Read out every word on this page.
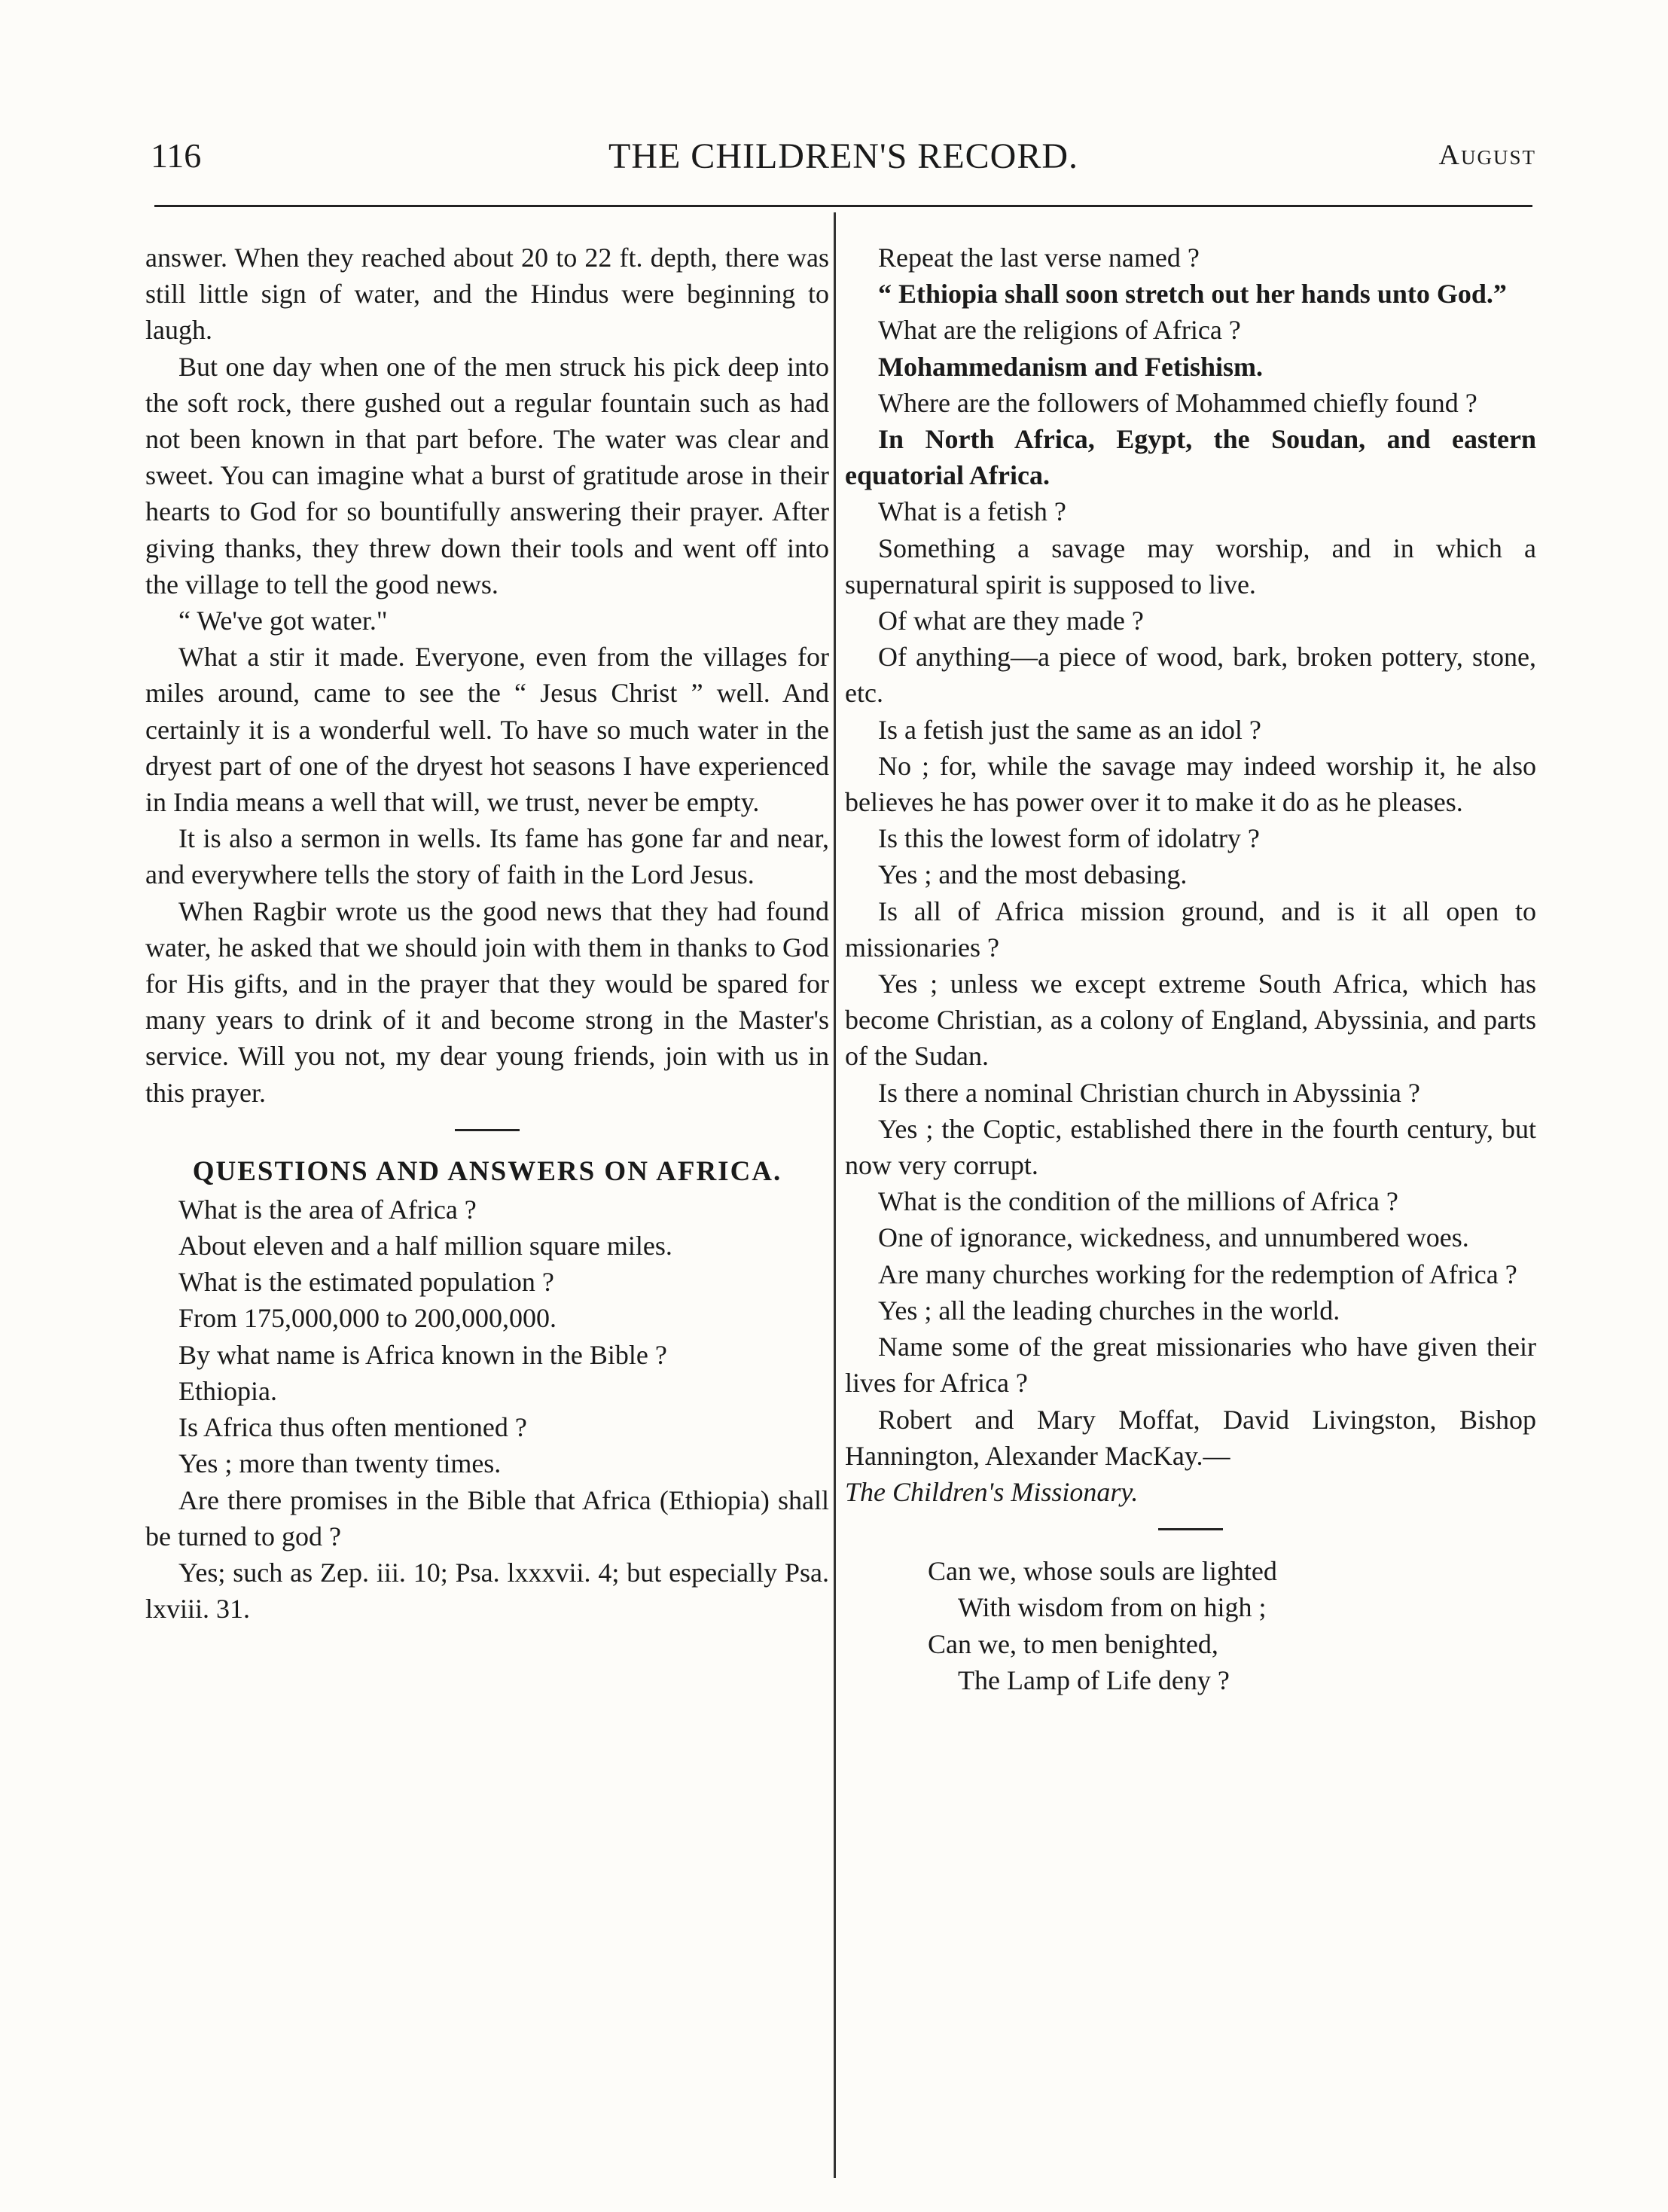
116	THE CHILDREN'S RECORD.	August

answer. When they reached about 20 to 22 ft. depth, there was still little sign of water, and the Hindus were beginning to laugh.

But one day when one of the men struck his pick deep into the soft rock, there gushed out a regular fountain such as had not been known in that part before. The water was clear and sweet. You can imagine what a burst of gratitude arose in their hearts to God for so bountifully answering their prayer. After giving thanks, they threw down their tools and went off into the village to tell the good news.

“ We've got water."

What a stir it made. Everyone, even from the villages for miles around, came to see the “ Jesus Christ ” well. And certainly it is a wonderful well. To have so much water in the dryest part of one of the dryest hot seasons I have experienced in India means a well that will, we trust, never be empty.

It is also a sermon in wells. Its fame has gone far and near, and everywhere tells the story of faith in the Lord Jesus.

When Ragbir wrote us the good news that they had found water, he asked that we should join with them in thanks to God for His gifts, and in the prayer that they would be spared for many years to drink of it and become strong in the Master's service. Will you not, my dear young friends, join with us in this prayer.

QUESTIONS AND ANSWERS ON AFRICA.

What is the area of Africa ?

About eleven and a half million square miles.

What is the estimated population ?

From 175,000,000 to 200,000,000.

By what name is Africa known in the Bible ?

Ethiopia.

Is Africa thus often mentioned ?

Yes ; more than twenty times.

Are there promises in the Bible that Africa (Ethiopia) shall be turned to god ?

Yes; such as Zep. iii. 10; Psa. lxxxvii. 4; but especially Psa. lxviii. 31.

Repeat the last verse named ?

“ Ethiopia shall soon stretch out her hands unto God.”

What are the religions of Africa ?

Mohammedanism and Fetishism.

Where are the followers of Mohammed chiefly found ?

In North Africa, Egypt, the Soudan, and eastern equatorial Africa.

What is a fetish ?

Something a savage may worship, and in which a supernatural spirit is supposed to live.

Of what are they made ?

Of anything—a piece of wood, bark, broken pottery, stone, etc.

Is a fetish just the same as an idol ?

No ; for, while the savage may indeed worship it, he also believes he has power over it to make it do as he pleases.

Is this the lowest form of idolatry ?

Yes ; and the most debasing.

Is all of Africa mission ground, and is it all open to missionaries ?

Yes ; unless we except extreme South Africa, which has become Christian, as a colony of England, Abyssinia, and parts of the Sudan.

Is there a nominal Christian church in Abyssinia ?

Yes ; the Coptic, established there in the fourth century, but now very corrupt.

What is the condition of the millions of Africa ?

One of ignorance, wickedness, and unnumbered woes.

Are many churches working for the redemption of Africa ?

Yes ; all the leading churches in the world.

Name some of the great missionaries who have given their lives for Africa ?

Robert and Mary Moffat, David Livingston, Bishop Hannington, Alexander MacKay.—

The Children's Missionary.

Can we, whose souls are lighted
With wisdom from on high ;
Can we, to men benighted,
The Lamp of Life deny ?
